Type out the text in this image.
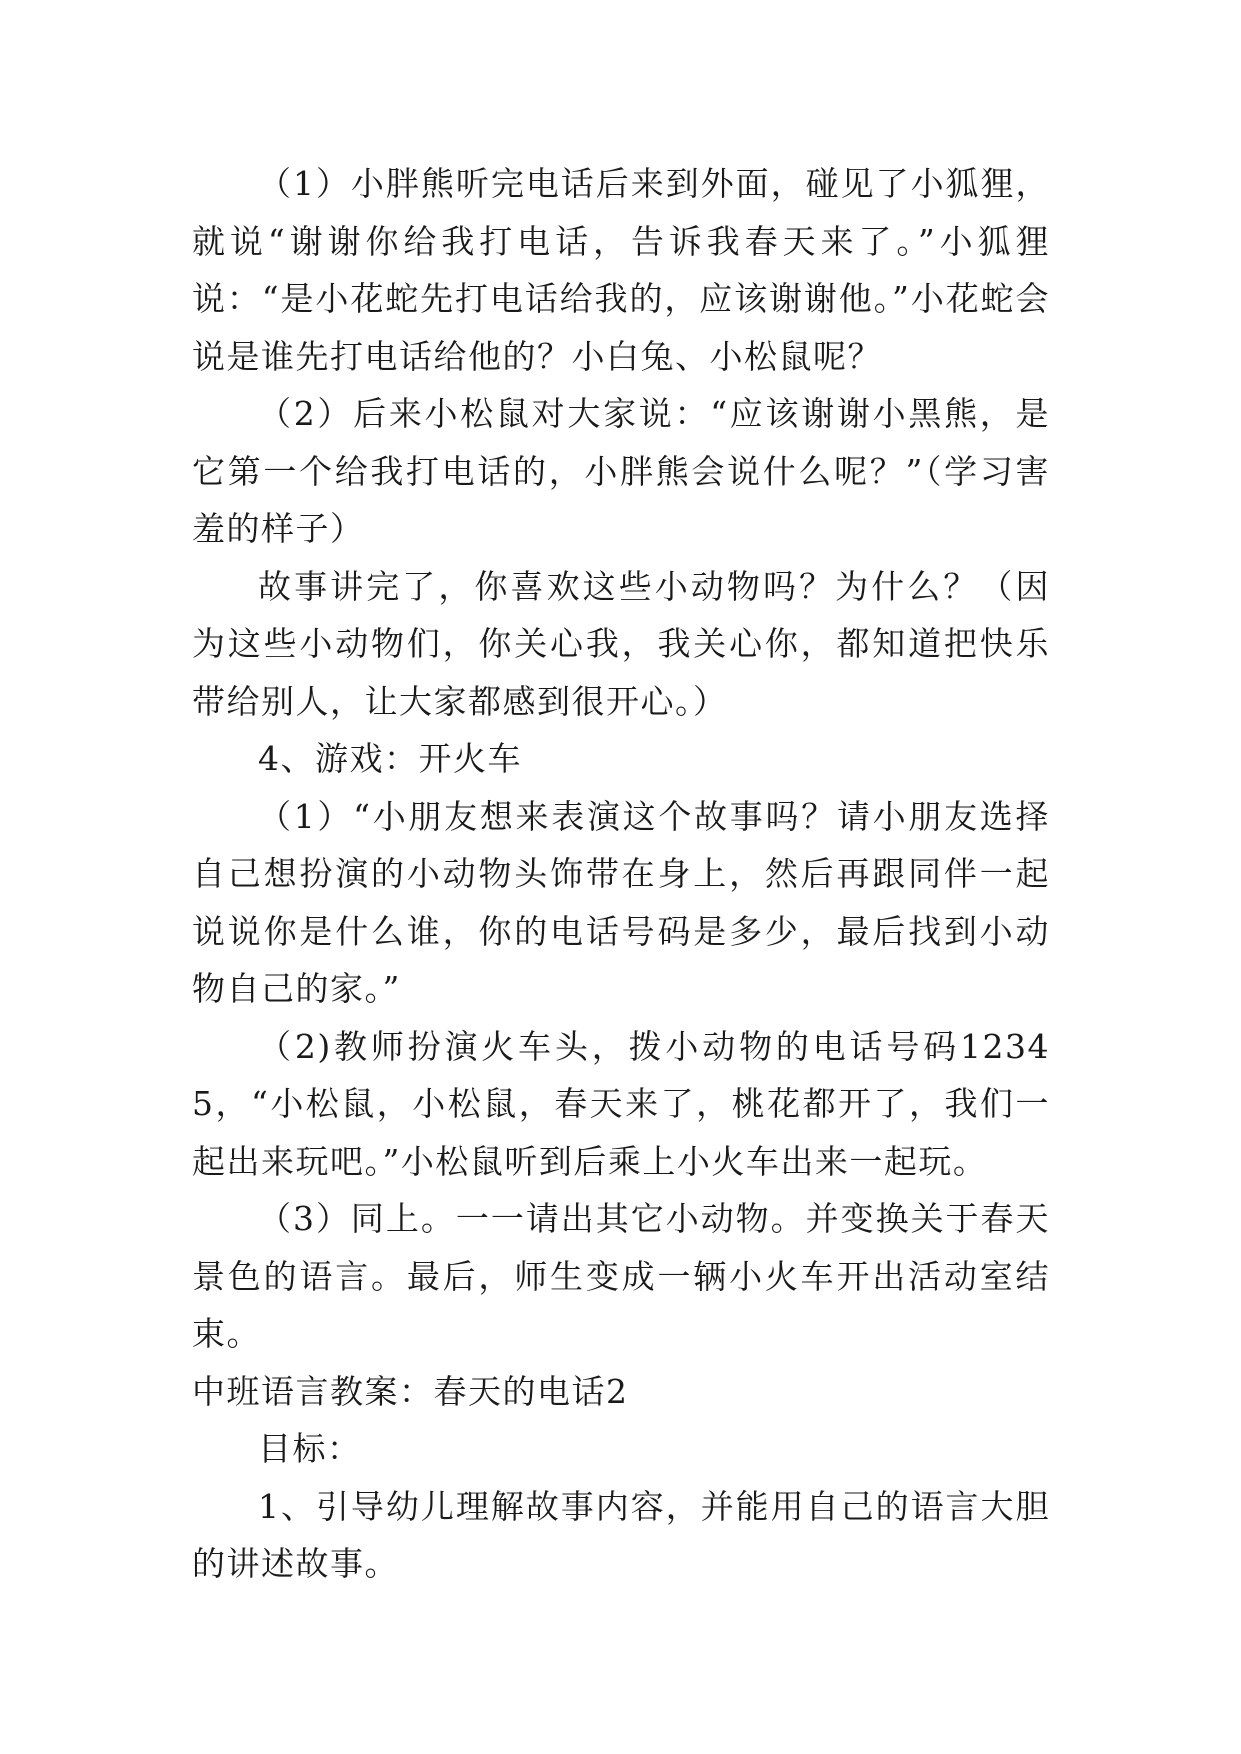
（1）小胖熊听完电话后来到外面，碰见了小狐狸，就说“谢谢你给我打电话，告诉我春天来了。”小狐狸说：“是小花蛇先打电话给我的，应该谢谢他。”小花蛇会说是谁先打电话给他的？小白兔、小松鼠呢？

（2）后来小松鼠对大家说：“应该谢谢小黑熊，是它第一个给我打电话的，小胖熊会说什么呢？”（学习害羞的样子）

故事讲完了，你喜欢这些小动物吗？为什么？（因为这些小动物们，你关心我，我关心你，都知道把快乐带给别人，让大家都感到很开心。）

4、游戏：开火车

（1）“小朋友想来表演这个故事吗？请小朋友选择自己想扮演的小动物头饰带在身上，然后再跟同伴一起说说你是什么谁，你的电话号码是多少，最后找到小动物自己的家。”

（2)教师扮演火车头，拨小动物的电话号码12345，“小松鼠，小松鼠，春天来了，桃花都开了，我们一起出来玩吧。”小松鼠听到后乘上小火车出来一起玩。

（3）同上。一一请出其它小动物。并变换关于春天景色的语言。最后，师生变成一辆小火车开出活动室结束。

中班语言教案：春天的电话2

目标：

1、引导幼儿理解故事内容，并能用自己的语言大胆的讲述故事。
